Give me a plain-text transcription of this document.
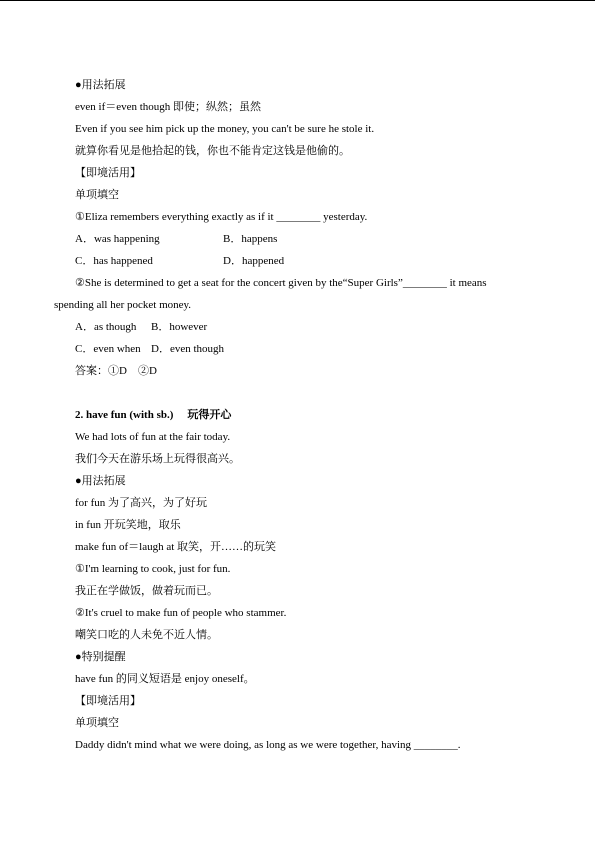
●用法拓展
even if＝even though 即使；纵然；虽然
Even if you see him pick up the money, you can't be sure he stole it.
就算你看见是他拾起的钱，你也不能肯定这钱是他偷的。
【即境活用】
单项填空
①Eliza remembers everything exactly as if it ________ yesterday.
A．was happening	B．happens
C．has happened	D．happened
②She is determined to get a seat for the concert given by the“Super Girls”________ it means
spending all her pocket money.
A．as though B．however
C．even when D．even though
答案：①D　②D
2. have fun (with sb.) 玩得开心
We had lots of fun at the fair today.
我们今天在游乐场上玩得很高兴。
●用法拓展
for fun 为了高兴，为了好玩
in fun 开玩笑地，取乐
make fun of＝laugh at 取笑，开……的玩笑
①I'm learning to cook, just for fun.
我正在学做饭，做着玩而已。
②It's cruel to make fun of people who stammer.
嘲笑口吃的人未免不近人情。
●特别提醒
have fun 的同义短语是 enjoy oneself。
【即境活用】
单项填空
Daddy didn't mind what we were doing, as long as we were together, having ________.
